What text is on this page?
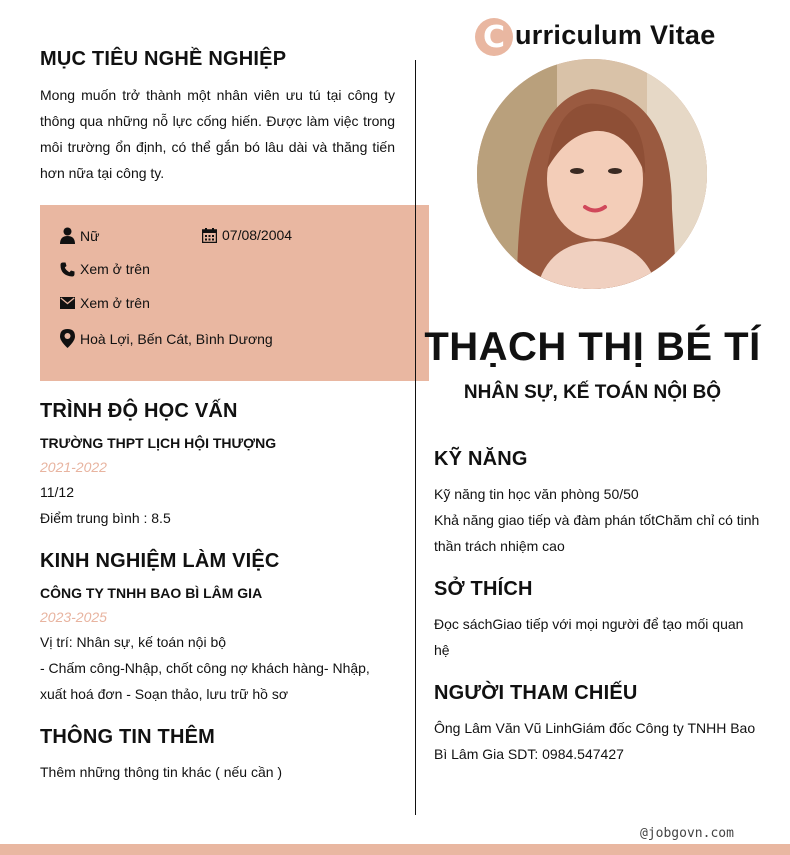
MỤC TIÊU NGHỀ NGHIỆP
Mong muốn trở thành một nhân viên ưu tú tại công ty thông qua những nỗ lực cống hiến. Được làm việc trong môi trường ổn định, có thể gắn bó lâu dài và thăng tiến hơn nữa tại công ty.
Nữ	07/08/2004
Xem ở trên
Xem ở trên
Hoà Lợi, Bến Cát, Bình Dương
TRÌNH ĐỘ HỌC VẤN
TRƯỜNG THPT LỊCH HỘI THƯỢNG
2021-2022
11/12
Điểm trung bình : 8.5
KINH NGHIỆM LÀM VIỆC
CÔNG TY TNHH BAO BÌ LÂM GIA
2023-2025
Vị trí: Nhân sự, kế toán nội bộ
- Chấm công-Nhập, chốt công nợ khách hàng- Nhập, xuất hoá đơn - Soạn thảo, lưu trữ hồ sơ
THÔNG TIN THÊM
Thêm những thông tin khác ( nếu cần )
C urriculum Vitae
THẠCH THỊ BÉ TÍ
NHÂN SỰ, KẾ TOÁN NỘI BỘ
KỸ NĂNG
Kỹ năng tin học văn phòng 50/50
Khả năng giao tiếp và đàm phán tốtChăm chỉ có tinh thần trách nhiệm cao
SỞ THÍCH
Đọc sáchGiao tiếp với mọi người để tạo mối quan hệ
NGƯỜI THAM CHIẾU
Ông Lâm Văn Vũ LinhGiám đốc Công ty TNHH Bao Bì Lâm Gia SDT: 0984.547427
@jobgovn.com
